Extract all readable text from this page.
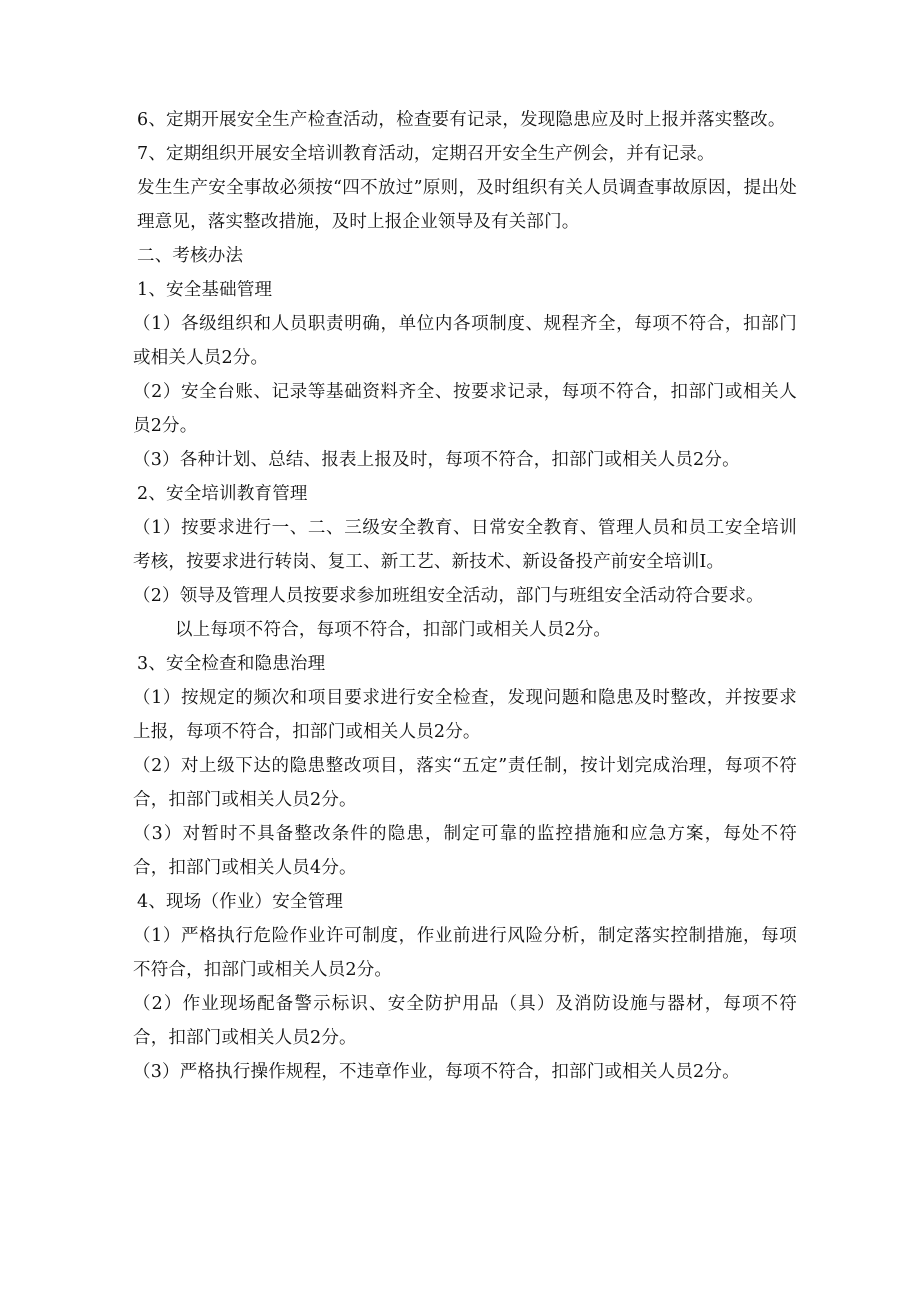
6、定期开展安全生产检查活动，检查要有记录，发现隐患应及时上报并落实整改。

7、定期组织开展安全培训教育活动，定期召开安全生产例会，并有记录。

发生生产安全事故必须按“四不放过”原则，及时组织有关人员调查事故原因，提出处理意见，落实整改措施，及时上报企业领导及有关部门。

二、考核办法

1、安全基础管理

（1）各级组织和人员职责明确，单位内各项制度、规程齐全，每项不符合，扣部门或相关人员2分。

（2）安全台账、记录等基础资料齐全、按要求记录，每项不符合，扣部门或相关人员2分。

（3）各种计划、总结、报表上报及时，每项不符合，扣部门或相关人员2分。

2、安全培训教育管理

（1）按要求进行一、二、三级安全教育、日常安全教育、管理人员和员工安全培训考核，按要求进行转岗、复工、新工艺、新技术、新设备投产前安全培训I。

（2）领导及管理人员按要求参加班组安全活动，部门与班组安全活动符合要求。

以上每项不符合，每项不符合，扣部门或相关人员2分。

3、安全检查和隐患治理

（1）按规定的频次和项目要求进行安全检查，发现问题和隐患及时整改，并按要求上报，每项不符合，扣部门或相关人员2分。

（2）对上级下达的隐患整改项目，落实“五定”责任制，按计划完成治理，每项不符合，扣部门或相关人员2分。

（3）对暂时不具备整改条件的隐患，制定可靠的监控措施和应急方案，每处不符合，扣部门或相关人员4分。

4、现场（作业）安全管理

（1）严格执行危险作业许可制度，作业前进行风险分析，制定落实控制措施，每项不符合，扣部门或相关人员2分。

（2）作业现场配备警示标识、安全防护用品（具）及消防设施与器材，每项不符合，扣部门或相关人员2分。

（3）严格执行操作规程，不违章作业，每项不符合，扣部门或相关人员2分。
